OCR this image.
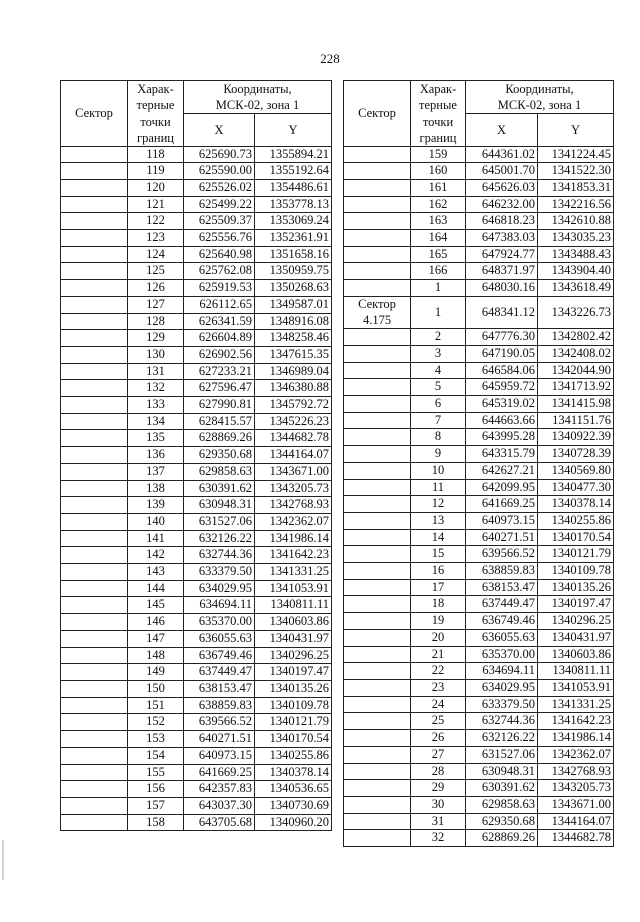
228
Сектор	Харак-
терные	Координаты,
МСК-02, зона 1	
	точки
границ	X	Y
	118	625690.73	1355894.21
	119	625590.00	1355192.64
	120	625526.02	1354486.61
	121	625499.22	1353778.13
	122	625509.37	1353069.24
	123	625556.76	1352361.91
	124	625640.98	1351658.16
	125	625762.08	1350959.75
	126	625919.53	1350268.63
	127	626112.65	1349587.01
	128	626341.59	1348916.08
	129	626604.89	1348258.46
	130	626902.56	1347615.35
	131	627233.21	1346989.04
	132	627596.47	1346380.88
	133	627990.81	1345792.72
	134	628415.57	1345226.23
	135	628869.26	1344682.78
	136	629350.68	1344164.07
	137	629858.63	1343671.00
	138	630391.62	1343205.73
	139	630948.31	1342768.93
	140	631527.06	1342362.07
	141	632126.22	1341986.14
	142	632744.36	1341642.23
	143	633379.50	1341331.25
	144	634029.95	1341053.91
	145	634694.11	1340811.11
	146	635370.00	1340603.86
	147	636055.63	1340431.97
	148	636749.46	1340296.25
	149	637449.47	1340197.47
	150	638153.47	1340135.26
	151	638859.83	1340109.78
	152	639566.52	1340121.79
	153	640271.51	1340170.54
	154	640973.15	1340255.86
	155	641669.25	1340378.14
	156	642357.83	1340536.65
	157	643037.30	1340730.69
	158	643705.68	1340960.20
Сектор	Харак-
терные	Координаты,
МСК-02, зона 1	
	точки
границ	X	Y
	159	644361.02	1341224.45
	160	645001.70	1341522.30
	161	645626.03	1341853.31
	162	646232.00	1342216.56
	163	646818.23	1342610.88
	164	647383.03	1343035.23
	165	647924.77	1343488.43
	166	648371.97	1343904.40
	1	648030.16	1343618.49
Сектор
4.175	1	648341.12	1343226.73
	2	647776.30	1342802.42
	3	647190.05	1342408.02
	4	646584.06	1342044.90
	5	645959.72	1341713.92
	6	645319.02	1341415.98
	7	644663.66	1341151.76
	8	643995.28	1340922.39
	9	643315.79	1340728.39
	10	642627.21	1340569.80
	11	642099.95	1340477.30
	12	641669.25	1340378.14
	13	640973.15	1340255.86
	14	640271.51	1340170.54
	15	639566.52	1340121.79
	16	638859.83	1340109.78
	17	638153.47	1340135.26
	18	637449.47	1340197.47
	19	636749.46	1340296.25
	20	636055.63	1340431.97
	21	635370.00	1340603.86
	22	634694.11	1340811.11
	23	634029.95	1341053.91
	24	633379.50	1341331.25
	25	632744.36	1341642.23
	26	632126.22	1341986.14
	27	631527.06	1342362.07
	28	630948.31	1342768.93
	29	630391.62	1343205.73
	30	629858.63	1343671.00
	31	629350.68	1344164.07
	32	628869.26	1344682.78
